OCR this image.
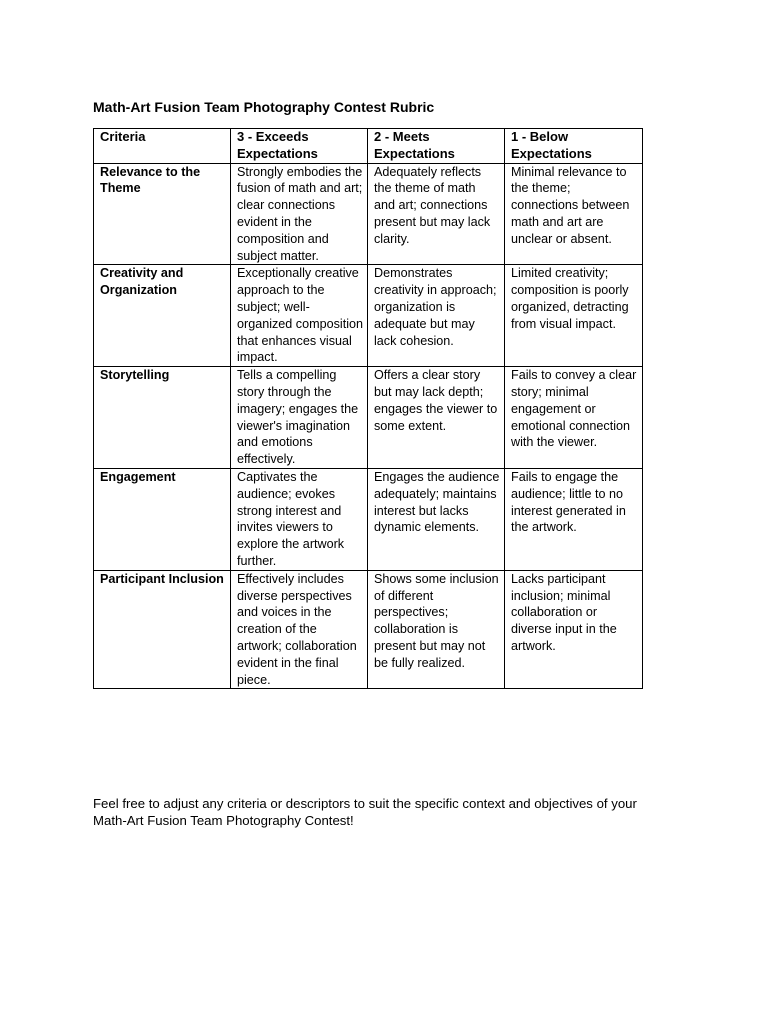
Math-Art Fusion Team Photography Contest Rubric
Criteria	3 - Exceeds Expectations	2 - Meets Expectations	1 - Below Expectations
Relevance to the Theme	Strongly embodies the fusion of math and art; clear connections evident in the composition and subject matter.	Adequately reflects the theme of math and art; connections present but may lack clarity.	Minimal relevance to the theme; connections between math and art are unclear or absent.
Creativity and Organization	Exceptionally creative approach to the subject; well-organized composition that enhances visual impact.	Demonstrates creativity in approach; organization is adequate but may lack cohesion.	Limited creativity; composition is poorly organized, detracting from visual impact.
Storytelling	Tells a compelling story through the imagery; engages the viewer's imagination and emotions effectively.	Offers a clear story but may lack depth; engages the viewer to some extent.	Fails to convey a clear story; minimal engagement or emotional connection with the viewer.
Engagement	Captivates the audience; evokes strong interest and invites viewers to explore the artwork further.	Engages the audience adequately; maintains interest but lacks dynamic elements.	Fails to engage the audience; little to no interest generated in the artwork.
Participant Inclusion	Effectively includes diverse perspectives and voices in the creation of the artwork; collaboration evident in the final piece.	Shows some inclusion of different perspectives; collaboration is present but may not be fully realized.	Lacks participant inclusion; minimal collaboration or diverse input in the artwork.

Feel free to adjust any criteria or descriptors to suit the specific context and objectives of your Math-Art Fusion Team Photography Contest!
